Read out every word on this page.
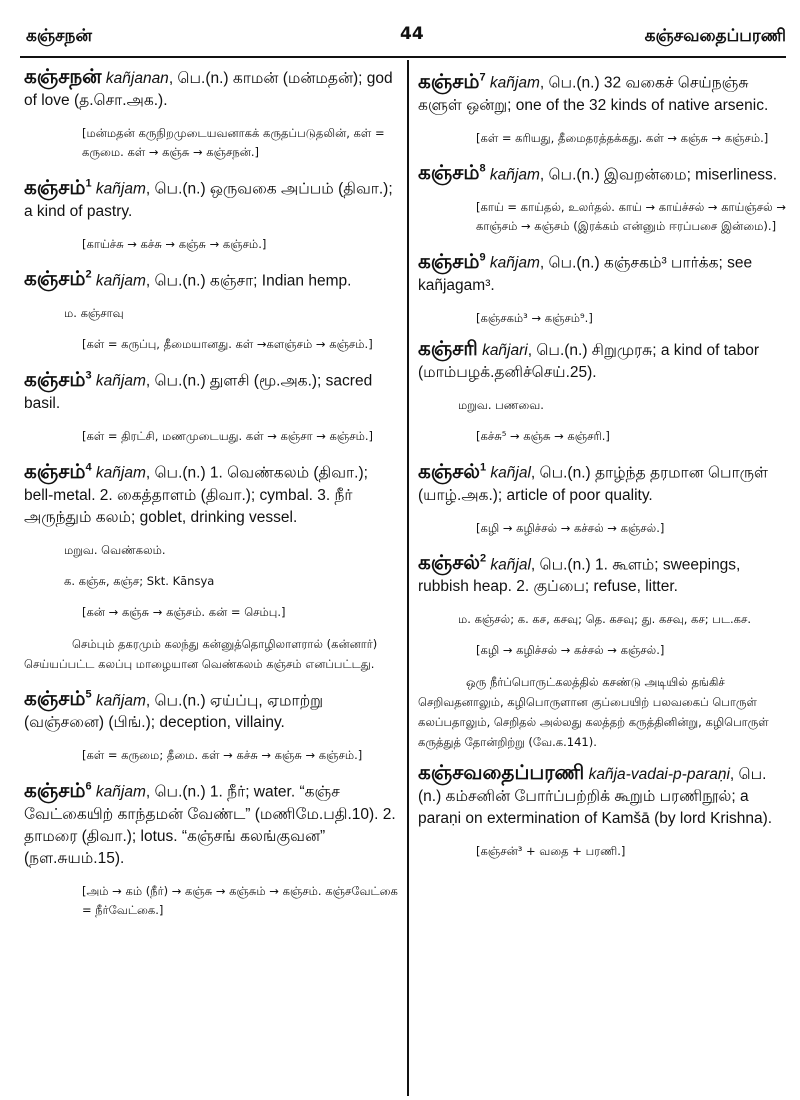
கஞ்சநன்	44	கஞ்சவதைப்பரணி

கஞ்சநன் kañjanan, பெ.(n.) காமன் (மன்மதன்); god of love (த.சொ.அக.).

[மன்மதன் கருநிறமுடையவனாகக் கருதப்படுதலின், கள் = கருமை. கள் → கஞ்சு → கஞ்சநன்.]

கஞ்சம்$^1$ kañjam, பெ.(n.) ஒருவகை அப்பம் (திவா.); a kind of pastry.

[காய்ச்சு → கச்சு → கஞ்சு → கஞ்சம்.]

கஞ்சம்$^2$ kañjam, பெ.(n.) கஞ்சா; Indian hemp.

ம. கஞ்சாவு
[கள் = கருப்பு, தீமையானது. கள் →களஞ்சம் → கஞ்சம்.]

கஞ்சம்$^3$ kañjam, பெ.(n.) துளசி (மூ.அக.); sacred basil.

[கள் = திரட்சி, மணமுடையது. கள் → கஞ்சா → கஞ்சம்.]

கஞ்சம்$^4$ kañjam, பெ.(n.) 1. வெண்கலம் (திவா.); bell-metal. 2. கைத்தாளம் (திவா.); cymbal. 3. நீர் அருந்தும் கலம்; goblet, drinking vessel.

மறுவ. வெண்கலம்.
க. கஞ்சு, கஞ்ச; Skt. Kānsya
[கன் → கஞ்சு → கஞ்சம். கன் = செம்பு.]
செம்பும் தகரமும் கலந்து கன்னுத்தொழிலாளரால் (கன்னார்) செய்யப்பட்ட கலப்பு மாழையான வெண்கலம் கஞ்சம் எனப்பட்டது.

கஞ்சம்$^5$ kañjam, பெ.(n.) ஏய்ப்பு, ஏமாற்று (வஞ்சனை) (பிங்.); deception, villainy.

[கள் = கருமை; தீமை. கள் → கச்சு → கஞ்சு → கஞ்சம்.]

கஞ்சம்$^6$ kañjam, பெ.(n.) 1. நீர்; water. “கஞ்ச வேட்கையிற் காந்தமன் வேண்ட” (மணிமே.பதி.10). 2. தாமரை (திவா.); lotus. “கஞ்சங் கலங்குவன” (நள.சுயம்.15).

[அம் → கம் (நீர்) → கஞ்சு → கஞ்சும் → கஞ்சம். கஞ்சவேட்கை = நீர்வேட்கை.]

கஞ்சம்$^7$ kañjam, பெ.(n.) 32 வகைச் செய்நஞ்சு களுள் ஒன்று; one of the 32 kinds of native arsenic.

[கள் = கரியது, தீமைதரத்தக்கது. கள் → கஞ்சு → கஞ்சம்.]

கஞ்சம்$^8$ kañjam, பெ.(n.) இவறன்மை; miserliness.

[காய் = காய்தல், உலர்தல். காய் → காய்ச்சல் → காய்ஞ்சல் → காஞ்சம் → கஞ்சம் (இரக்கம் என்னும் ஈரப்பசை இன்மை).]

கஞ்சம்$^9$ kañjam, பெ.(n.) கஞ்சகம்³ பார்க்க; see kañjagam³.

[கஞ்சகம்³ → கஞ்சம்⁹.]

கஞ்சரி kañjari, பெ.(n.) சிறுமுரசு; a kind of tabor (மாம்பழக்.தனிச்செய்.25).

மறுவ. பணவை.
[கச்சு⁵ → கஞ்சு → கஞ்சரி.]

கஞ்சல்$^1$ kañjal, பெ.(n.) தாழ்ந்த தரமான பொருள் (யாழ்.அக.); article of poor quality.

[கழி → கழிச்சல் → கச்சல் → கஞ்சல்.]

கஞ்சல்$^2$ kañjal, பெ.(n.) 1. கூளம்; sweepings, rubbish heap. 2. குப்பை; refuse, litter.

ம. கஞ்சல்; க. கச, கசவு; தெ. கசவு; து. கசவு, கச; பட.கச.
[கழி → கழிச்சல் → கச்சல் → கஞ்சல்.]
ஒரு நீர்ப்பொருட்கலத்தில் கசண்டு அடியில் தங்கிச் செறிவதனாலும், கழிபொருளான குப்பையிற் பலவகைப் பொருள் கலப்பதாலும், செறிதல் அல்லது கலத்தற் கருத்தினின்று, கழிபொருள் கருத்துத் தோன்றிற்று (வே.க.141).

கஞ்சவதைப்பரணி kañja-vadai-p-paraṇi, பெ.(n.) கம்சனின் போர்ப்பற்றிக் கூறும் பரணிநூல்; a paraṇi on extermination of Kamšā (by lord Krishna).

[கஞ்சன்³ + வதை + பரணி.]
